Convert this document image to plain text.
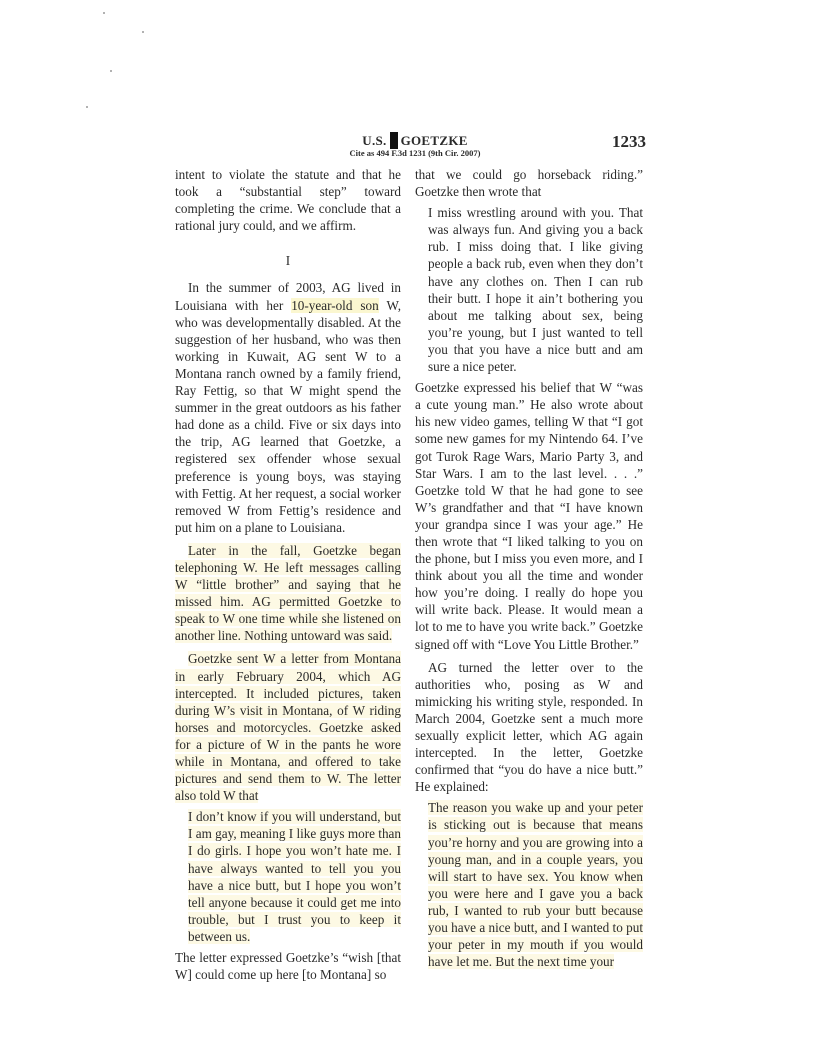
U.S. GOETZKE
Cite as 494 F.3d 1231 (9th Cir. 2007)
1233

intent to violate the statute and that he took a “substantial step” toward completing the crime. We conclude that a rational jury could, and we affirm.

I

In the summer of 2003, AG lived in Louisiana with her 10-year-old son W, who was developmentally disabled. At the suggestion of her husband, who was then working in Kuwait, AG sent W to a Montana ranch owned by a family friend, Ray Fettig, so that W might spend the summer in the great outdoors as his father had done as a child. Five or six days into the trip, AG learned that Goetzke, a registered sex offender whose sexual preference is young boys, was staying with Fettig. At her request, a social worker removed W from Fettig’s residence and put him on a plane to Louisiana.

Later in the fall, Goetzke began telephoning W. He left messages calling W “little brother” and saying that he missed him. AG permitted Goetzke to speak to W one time while she listened on another line. Nothing untoward was said.

Goetzke sent W a letter from Montana in early February 2004, which AG intercepted. It included pictures, taken during W’s visit in Montana, of W riding horses and motorcycles. Goetzke asked for a picture of W in the pants he wore while in Montana, and offered to take pictures and send them to W. The letter also told W that

I don’t know if you will understand, but I am gay, meaning I like guys more than I do girls. I hope you won’t hate me. I have always wanted to tell you you have a nice butt, but I hope you won’t tell anyone because it could get me into trouble, but I trust you to keep it between us.

The letter expressed Goetzke’s “wish [that W] could come up here [to Montana] so

that we could go horseback riding.” Goetzke then wrote that

I miss wrestling around with you. That was always fun. And giving you a back rub. I miss doing that. I like giving people a back rub, even when they don’t have any clothes on. Then I can rub their butt. I hope it ain’t bothering you about me talking about sex, being you’re young, but I just wanted to tell you that you have a nice butt and am sure a nice peter.

Goetzke expressed his belief that W “was a cute young man.” He also wrote about his new video games, telling W that “I got some new games for my Nintendo 64. I’ve got Turok Rage Wars, Mario Party 3, and Star Wars. I am to the last level. . . .” Goetzke told W that he had gone to see W’s grandfather and that “I have known your grandpa since I was your age.” He then wrote that “I liked talking to you on the phone, but I miss you even more, and I think about you all the time and wonder how you’re doing. I really do hope you will write back. Please. It would mean a lot to me to have you write back.” Goetzke signed off with “Love You Little Brother.”

AG turned the letter over to the authorities who, posing as W and mimicking his writing style, responded. In March 2004, Goetzke sent a much more sexually explicit letter, which AG again intercepted. In the letter, Goetzke confirmed that “you do have a nice butt.” He explained:

The reason you wake up and your peter is sticking out is because that means you’re horny and you are growing into a young man, and in a couple years, you will start to have sex. You know when you were here and I gave you a back rub, I wanted to rub your butt because you have a nice butt, and I wanted to put your peter in my mouth if you would have let me. But the next time your
